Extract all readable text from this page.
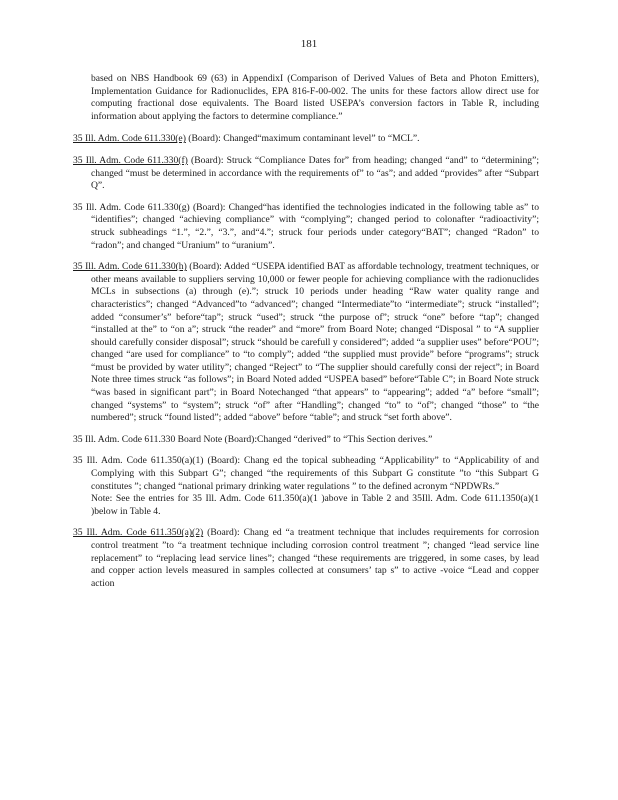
181

based on NBS Handbook 69 (63) in AppendixI (Comparison of Derived Values of Beta and Photon Emitters), Implementation Guidance for Radionuclides, EPA 816-F-00-002. The units for these factors allow direct use for computing fractional dose equivalents. The Board listed USEPA’s conversion factors in Table R, including information about applying the factors to determine compliance.”

35 Ill. Adm. Code 611.330(e) (Board): Changed“maximum contaminant level” to “MCL”.

35 Ill. Adm. Code 611.330(f) (Board): Struck “Compliance Dates for” from heading; changed “and” to “determining”; changed “must be determined in accordance with the requirements of” to “as”; and added “provides” after “Subpart Q”.

35 Ill. Adm. Code 611.330(g) (Board): Changed“has identified the technologies indicated in the following table as” to “identifies”; changed “achieving compliance” with “complying”; changed period to colonafter “radioactivity”; struck subheadings “1.”, “2.”, “3.”, and“4.”; struck four periods under category“BAT”; changed “Radon” to “radon”; and changed “Uranium” to “uranium”.

35 Ill. Adm. Code 611.330(h) (Board): Added “USEPA identified BAT as affordable technology, treatment techniques, or other means available to suppliers serving 10,000 or fewer people for achieving compliance with the radionuclides MCLs in subsections (a) through (e).”; struck 10 periods under heading “Raw water quality range and characteristics”; changed “Advanced”to “advanced”; changed “Intermediate”to “intermediate”; struck “installed”; added “consumer’s” before“tap”; struck “used”; struck “the purpose of”; struck “one” before “tap”; changed “installed at the” to “on a”; struck “the reader” and “more” from Board Note; changed “Disposal ” to “A supplier should carefully consider disposal”; struck “should be carefull y considered”; added “a supplier uses” before“POU”; changed “are used for compliance” to “to comply”; added “the supplied must provide” before “programs”; struck “must be provided by water utility”; changed “Reject” to “The supplier should carefully consi der reject”; in Board Note three times struck “as follows”; in Board Noted added “USPEA based” before“Table C”; in Board Note struck “was based in significant part”; in Board Notechanged “that appears” to “appearing”; added “a” before “small”; changed “systems” to “system”; struck “of” after “Handling”; changed “to” to “of”; changed “those” to “the numbered”; struck “found listed”; added “above” before “table”; and struck “set forth above”.

35 Ill. Adm. Code 611.330 Board Note (Board):Changed “derived” to “This Section derives.”

35 Ill. Adm. Code 611.350(a)(1) (Board): Chang ed the topical subheading “Applicability” to “Applicability of and Complying with this Subpart G”; changed “the requirements of this Subpart G constitute ”to “this Subpart G constitutes ”; changed “national primary drinking water regulations ” to the defined acronym “NPDWRs.”
Note: See the entries for 35 Ill. Adm. Code 611.350(a)(1 )above in Table 2 and 35Ill. Adm. Code 611.1350(a)(1 )below in Table 4.

35 Ill. Adm. Code 611.350(a)(2) (Board): Chang ed “a treatment technique that includes requirements for corrosion control treatment ”to “a treatment technique including corrosion control treatment ”; changed “lead service line replacement” to “replacing lead service lines”; changed “these requirements are triggered, in some cases, by lead and copper action levels measured in samples collected at consumers’ tap s” to active -voice “Lead and copper action
